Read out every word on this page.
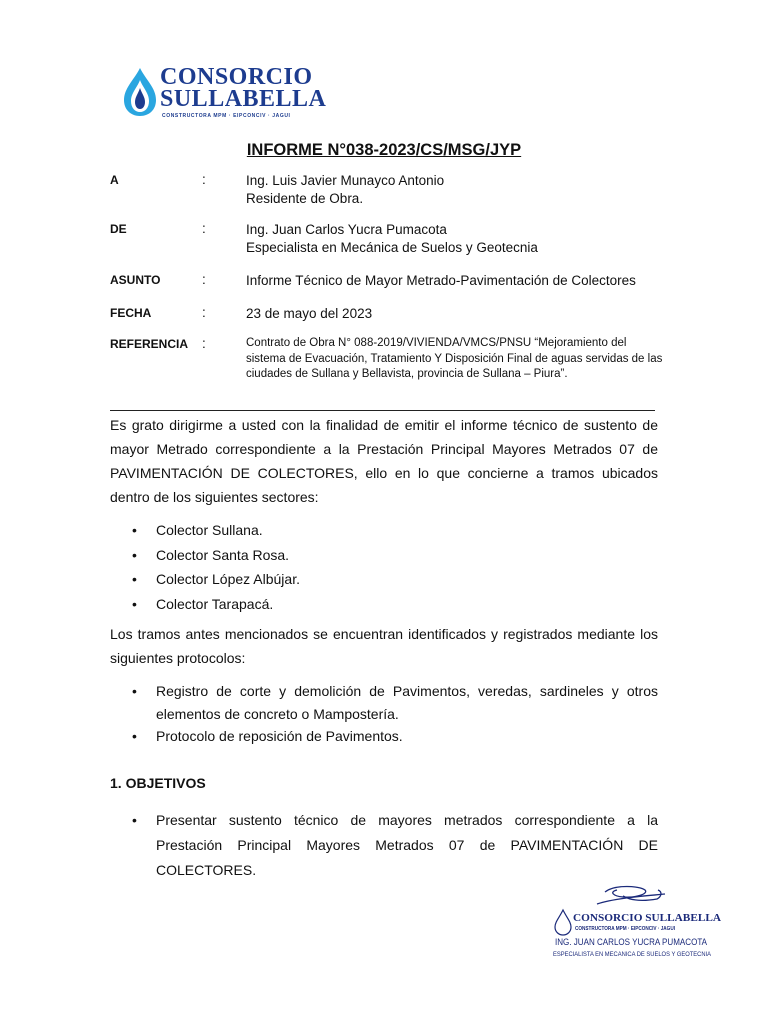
CONSORCIO
SULLABELLA
CONSTRUCTORA MPM · EIPCONCIV · JAGUI
INFORME N°038-2023/CS/MSG/JYP
A	:	Ing. Luis Javier Munayco Antonio
Residente de Obra.
DE	:	Ing. Juan Carlos Yucra Pumacota
Especialista en Mecánica de Suelos y Geotecnia
ASUNTO	:	Informe Técnico de Mayor Metrado-Pavimentación de Colectores
FECHA	:	23 de mayo del 2023
REFERENCIA :	Contrato de Obra N° 088-2019/VIVIENDA/VMCS/PNSU “Mejoramiento del sistema de Evacuación, Tratamiento Y Disposición Final de aguas servidas de las ciudades de Sullana y Bellavista, provincia de Sullana – Piura”.
Es grato dirigirme a usted con la finalidad de emitir el informe técnico de sustento de mayor Metrado correspondiente a la Prestación Principal Mayores Metrados 07 de PAVIMENTACIÓN DE COLECTORES, ello en lo que concierne a tramos ubicados dentro de los siguientes sectores:
• Colector Sullana.
• Colector Santa Rosa.
• Colector López Albújar.
• Colector Tarapacá.
Los tramos antes mencionados se encuentran identificados y registrados mediante los siguientes protocolos:
• Registro de corte y demolición de Pavimentos, veredas, sardineles y otros elementos de concreto o Mampostería.
• Protocolo de reposición de Pavimentos.
1. OBJETIVOS
• Presentar sustento técnico de mayores metrados correspondiente a la Prestación Principal Mayores Metrados 07 de PAVIMENTACIÓN DE COLECTORES.
CONSORCIO SULLABELLA
CONSTRUCTORA MPM · EIPCONCIV · JAGUI
ING. JUAN CARLOS YUCRA PUMACOTA
ESPECIALISTA EN MECANICA DE SUELOS Y GEOTECNIA
